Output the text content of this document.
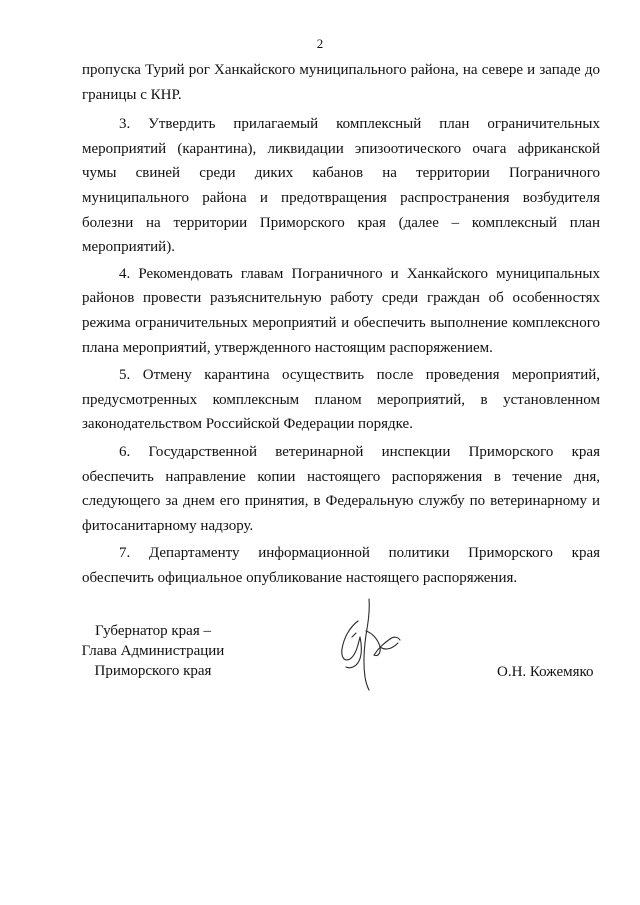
2

пропуска Турий рог Ханкайского муниципального района, на севере и западе до границы с КНР.

3. Утвердить прилагаемый комплексный план ограничительных мероприятий (карантина), ликвидации эпизоотического очага африканской чумы свиней среди диких кабанов на территории Пограничного муниципального района и предотвращения распространения возбудителя болезни на территории Приморского края (далее – комплексный план мероприятий).

4. Рекомендовать главам Пограничного и Ханкайского муниципальных районов провести разъяснительную работу среди граждан об особенностях режима ограничительных мероприятий и обеспечить выполнение комплексного плана мероприятий, утвержденного настоящим распоряжением.

5. Отмену карантина осуществить после проведения мероприятий, предусмотренных комплексным планом мероприятий, в установленном законодательством Российской Федерации порядке.

6. Государственной ветеринарной инспекции Приморского края обеспечить направление копии настоящего распоряжения в течение дня, следующего за днем его принятия, в Федеральную службу по ветеринарному и фитосанитарному надзору.

7. Департаменту информационной политики Приморского края обеспечить официальное опубликование настоящего распоряжения.

Губернатор края –
Глава Администрации
Приморского края	О.Н. Кожемяко
